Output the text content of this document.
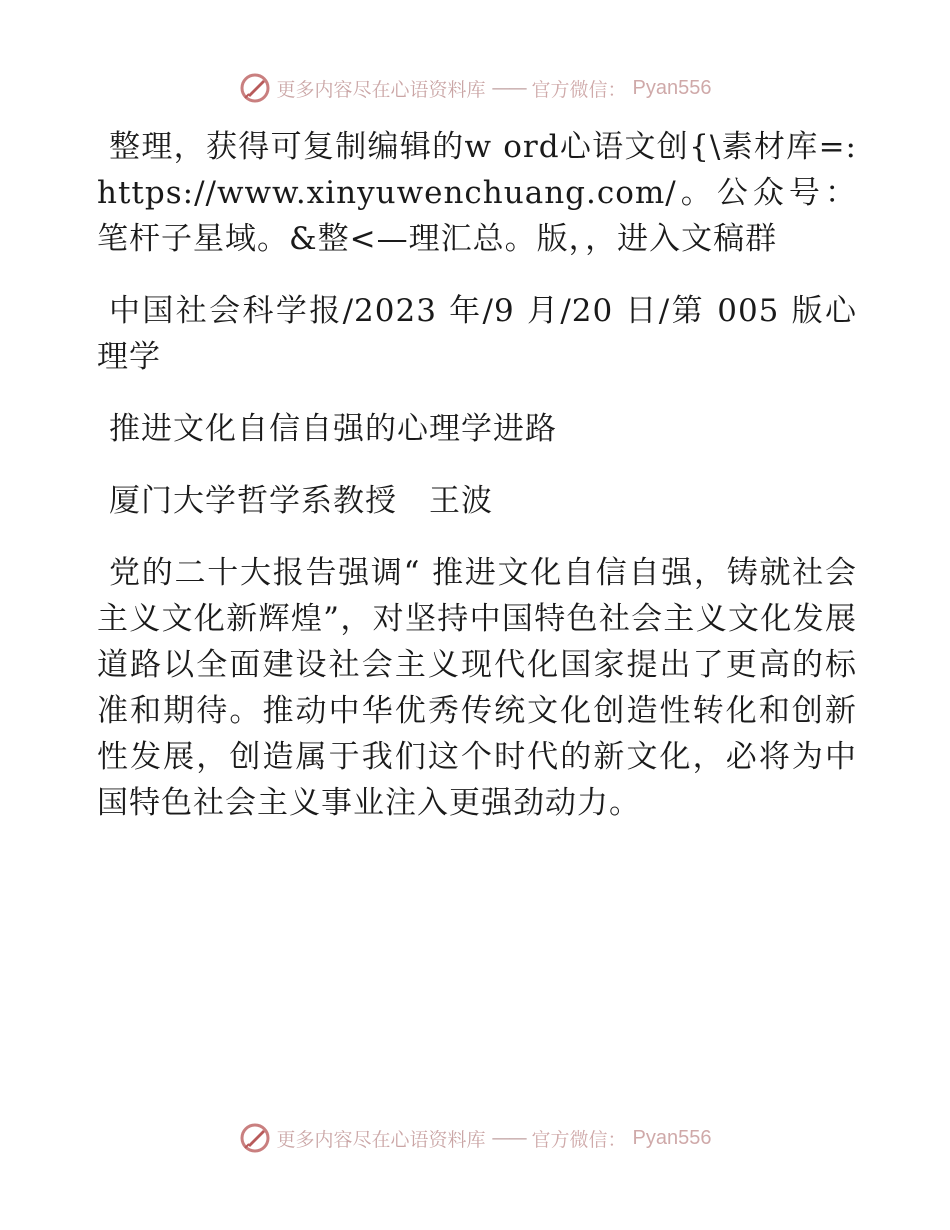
更多内容尽在心语资料库 —— 官方微信： Pyan556

整理，获得可复制编辑的w ord心语文创{\素材库=: https://www.xinyuwenchuang.com/。公众号：笔杆子星域。&整<—理汇总。版，，进入文稿群

中国社会科学报/2023 年/9 月/20 日/第 005 版心理学

推进文化自信自强的心理学进路

厦门大学哲学系教授　王波

党的二十大报告强调“ 推进文化自信自强，铸就社会主义文化新辉煌”，对坚持中国特色社会主义文化发展道路以全面建设社会主义现代化国家提出了更高的标准和期待。推动中华优秀传统文化创造性转化和创新性发展，创造属于我们这个时代的新文化，必将为中国特色社会主义事业注入更强劲动力。

更多内容尽在心语资料库 —— 官方微信： Pyan556
